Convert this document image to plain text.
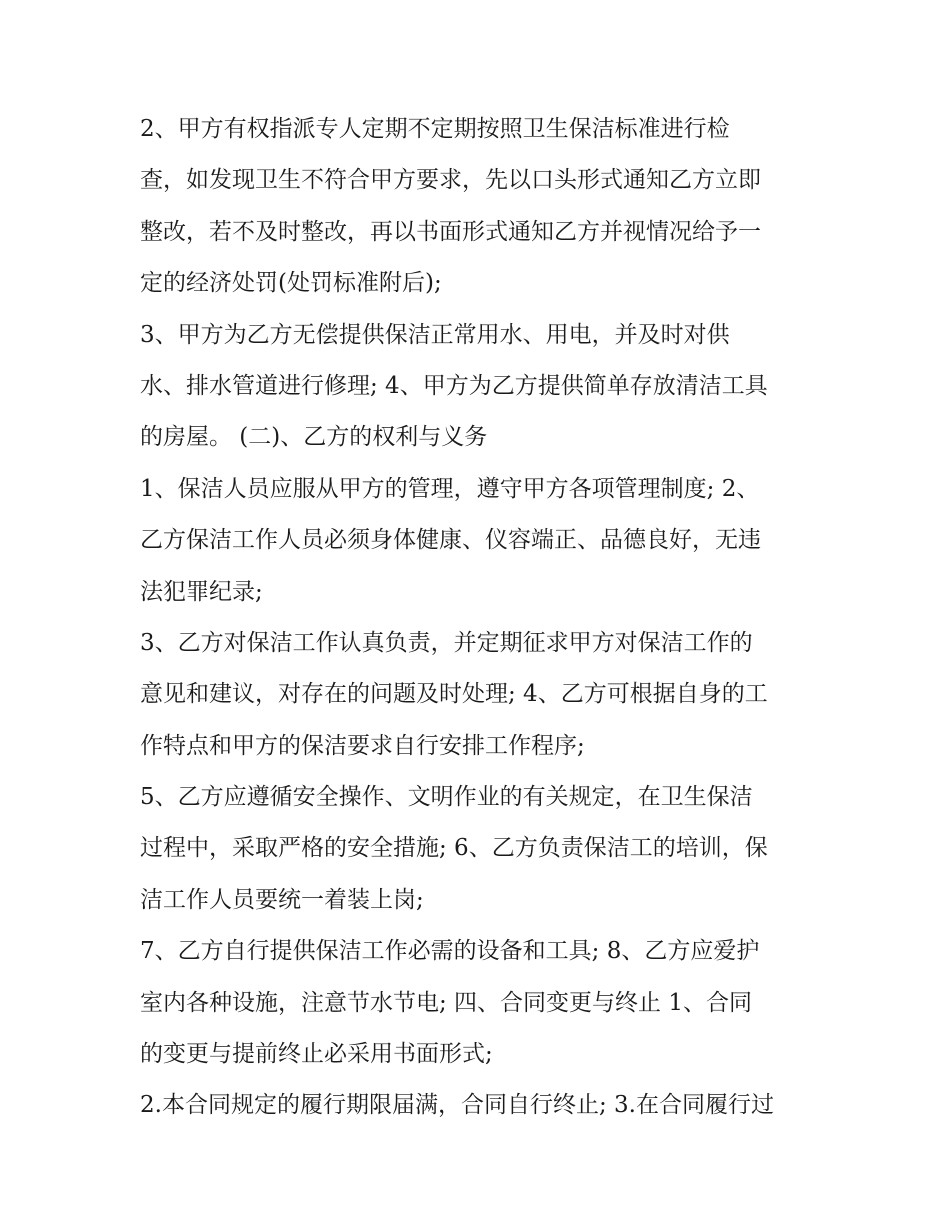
2、甲方有权指派专人定期不定期按照卫生保洁标准进行检
查，如发现卫生不符合甲方要求，先以口头形式通知乙方立即
整改，若不及时整改，再以书面形式通知乙方并视情况给予一
定的经济处罚(处罚标准附后);
3、甲方为乙方无偿提供保洁正常用水、用电，并及时对供
水、排水管道进行修理; 4、甲方为乙方提供简单存放清洁工具
的房屋。 (二)、乙方的权利与义务
1、保洁人员应服从甲方的管理，遵守甲方各项管理制度; 2、
乙方保洁工作人员必须身体健康、仪容端正、品德良好，无违
法犯罪纪录;
3、乙方对保洁工作认真负责，并定期征求甲方对保洁工作的
意见和建议，对存在的问题及时处理; 4、乙方可根据自身的工
作特点和甲方的保洁要求自行安排工作程序;
5、乙方应遵循安全操作、文明作业的有关规定，在卫生保洁
过程中，采取严格的安全措施; 6、乙方负责保洁工的培训，保
洁工作人员要统一着装上岗;
7、乙方自行提供保洁工作必需的设备和工具; 8、乙方应爱护
室内各种设施，注意节水节电; 四、合同变更与终止 1、合同
的变更与提前终止必采用书面形式;
2.本合同规定的履行期限届满，合同自行终止; 3.在合同履行过
